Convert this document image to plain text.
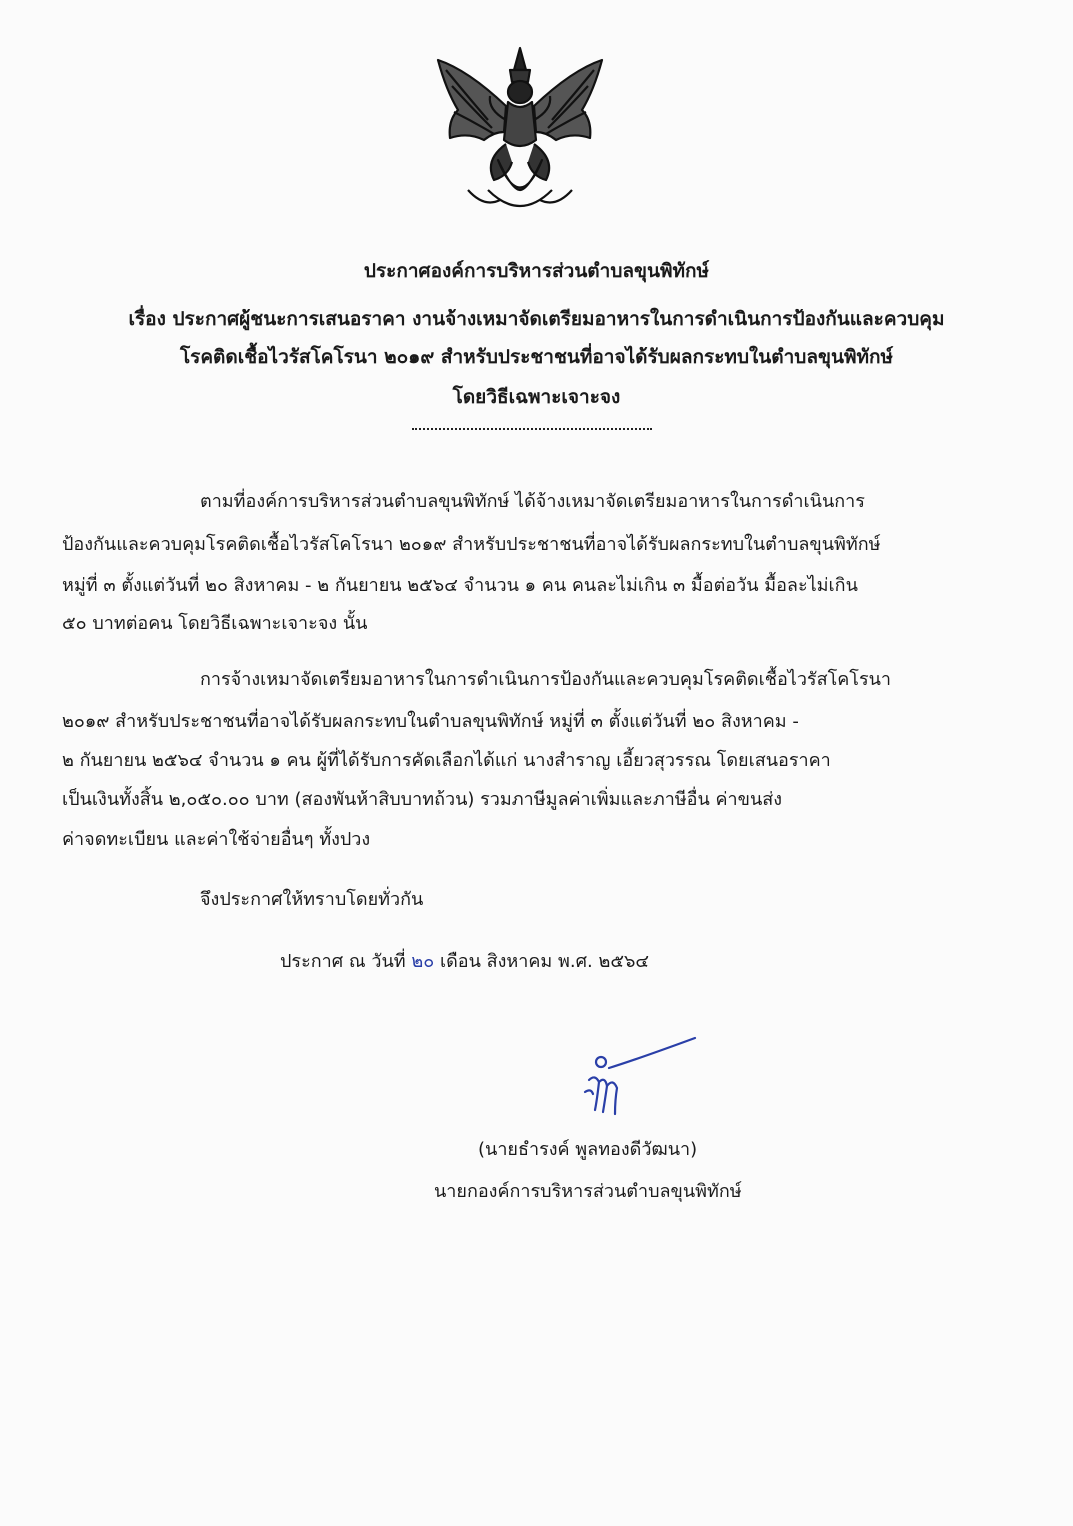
ประกาศองค์การบริหารส่วนตำบลขุนพิทักษ์
เรื่อง ประกาศผู้ชนะการเสนอราคา งานจ้างเหมาจัดเตรียมอาหารในการดำเนินการป้องกันและควบคุม
โรคติดเชื้อไวรัสโคโรนา ๒๐๑๙ สำหรับประชาชนที่อาจได้รับผลกระทบในตำบลขุนพิทักษ์
โดยวิธีเฉพาะเจาะจง
ตามที่องค์การบริหารส่วนตำบลขุนพิทักษ์ ได้จ้างเหมาจัดเตรียมอาหารในการดำเนินการ
ป้องกันและควบคุมโรคติดเชื้อไวรัสโคโรนา ๒๐๑๙ สำหรับประชาชนที่อาจได้รับผลกระทบในตำบลขุนพิทักษ์
หมู่ที่ ๓ ตั้งแต่วันที่ ๒๐ สิงหาคม - ๒ กันยายน ๒๕๖๔ จำนวน ๑ คน คนละไม่เกิน ๓ มื้อต่อวัน มื้อละไม่เกิน
๕๐ บาทต่อคน โดยวิธีเฉพาะเจาะจง นั้น
การจ้างเหมาจัดเตรียมอาหารในการดำเนินการป้องกันและควบคุมโรคติดเชื้อไวรัสโคโรนา
๒๐๑๙ สำหรับประชาชนที่อาจได้รับผลกระทบในตำบลขุนพิทักษ์ หมู่ที่ ๓ ตั้งแต่วันที่ ๒๐ สิงหาคม -
๒ กันยายน ๒๕๖๔ จำนวน ๑ คน ผู้ที่ได้รับการคัดเลือกได้แก่ นางสำราญ เอี้ยวสุวรรณ โดยเสนอราคา
เป็นเงินทั้งสิ้น ๒,๐๕๐.๐๐ บาท (สองพันห้าสิบบาทถ้วน) รวมภาษีมูลค่าเพิ่มและภาษีอื่น ค่าขนส่ง
ค่าจดทะเบียน และค่าใช้จ่ายอื่นๆ ทั้งปวง
จึงประกาศให้ทราบโดยทั่วกัน
ประกาศ ณ วันที่ ๒๐ เดือน สิงหาคม พ.ศ. ๒๕๖๔
(นายธำรงค์ พูลทองดีวัฒนา)
นายกองค์การบริหารส่วนตำบลขุนพิทักษ์
